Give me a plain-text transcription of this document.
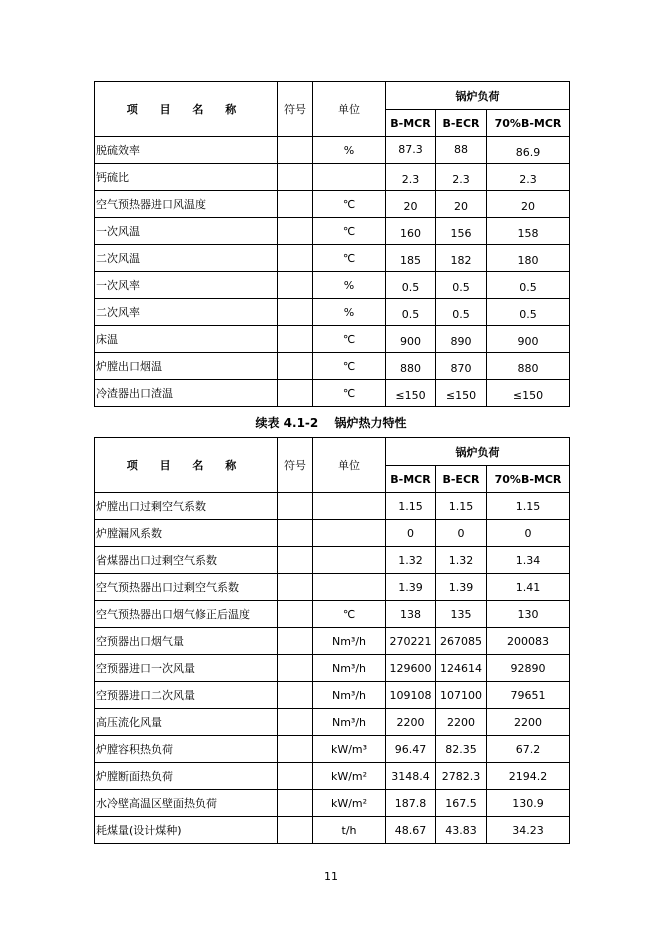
项 目 名 称	符号	单位	锅炉负荷		
			B-MCR	B-ECR	70%B-MCR
脱硫效率		%	87.3	88	86.9
钙硫比			2.3	2.3	2.3
空气预热器进口风温度		℃	20	20	20
一次风温		℃	160	156	158
二次风温		℃	185	182	180
一次风率		%	0.5	0.5	0.5
二次风率		%	0.5	0.5	0.5
床温		℃	900	890	900
炉膛出口烟温		℃	880	870	880
冷渣器出口渣温		℃	≤150	≤150	≤150
续表 4.1-2 锅炉热力特性
项 目 名 称	符号	单位	锅炉负荷		
			B-MCR	B-ECR	70%B-MCR
炉膛出口过剩空气系数			1.15	1.15	1.15
炉膛漏风系数			0	0	0
省煤器出口过剩空气系数			1.32	1.32	1.34
空气预热器出口过剩空气系数			1.39	1.39	1.41
空气预热器出口烟气修正后温度		℃	138	135	130
空预器出口烟气量		Nm³/h	270221	267085	200083
空预器进口一次风量		Nm³/h	129600	124614	92890
空预器进口二次风量		Nm³/h	109108	107100	79651
高压流化风量		Nm³/h	2200	2200	2200
炉膛容积热负荷		kW/m³	96.47	82.35	67.2
炉膛断面热负荷		kW/m²	3148.4	2782.3	2194.2
水冷壁高温区壁面热负荷		kW/m²	187.8	167.5	130.9
耗煤量(设计煤种)		t/h	48.67	43.83	34.23
11
